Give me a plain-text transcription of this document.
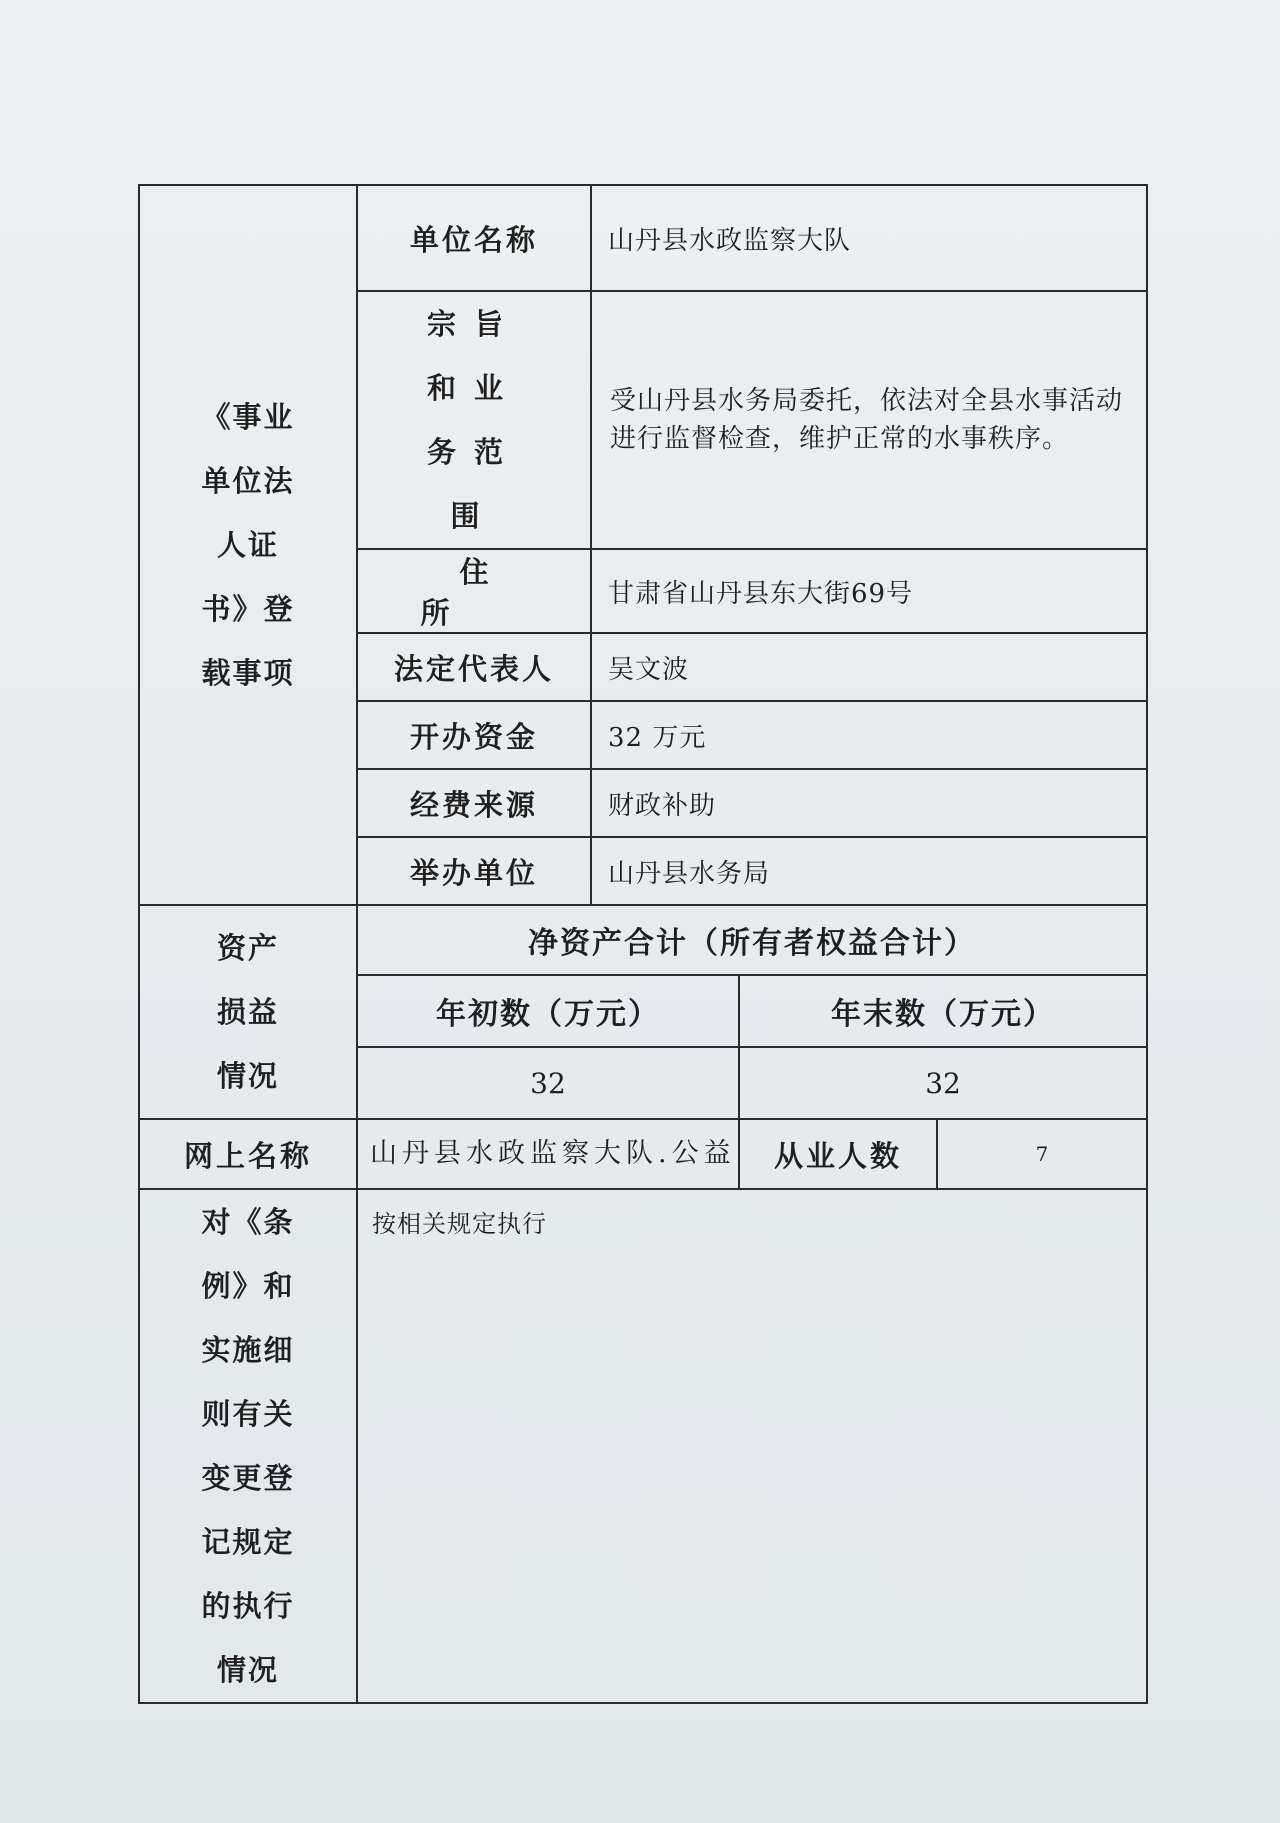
《事业单位法人证书》登载事项	单位名称	山丹县水政监察大队		
	宗旨和业务范围	受山丹县水务局委托，依法对全县水事活动进行监督检查，维护正常的水事秩序。		
	住 所	甘肃省山丹县东大街69号		
	法定代表人	吴文波		
	开办资金	32 万元		
	经费来源	财政补助		
	举办单位	山丹县水务局		
资产损益情况	净资产合计（所有者权益合计）			
	年初数（万元）		年末数（万元）	
	32		32	
网上名称	山丹县水政监察大队.公益		从业人数	7
对《条例》和实施细则有关变更登记规定的执行情况	按相关规定执行			
